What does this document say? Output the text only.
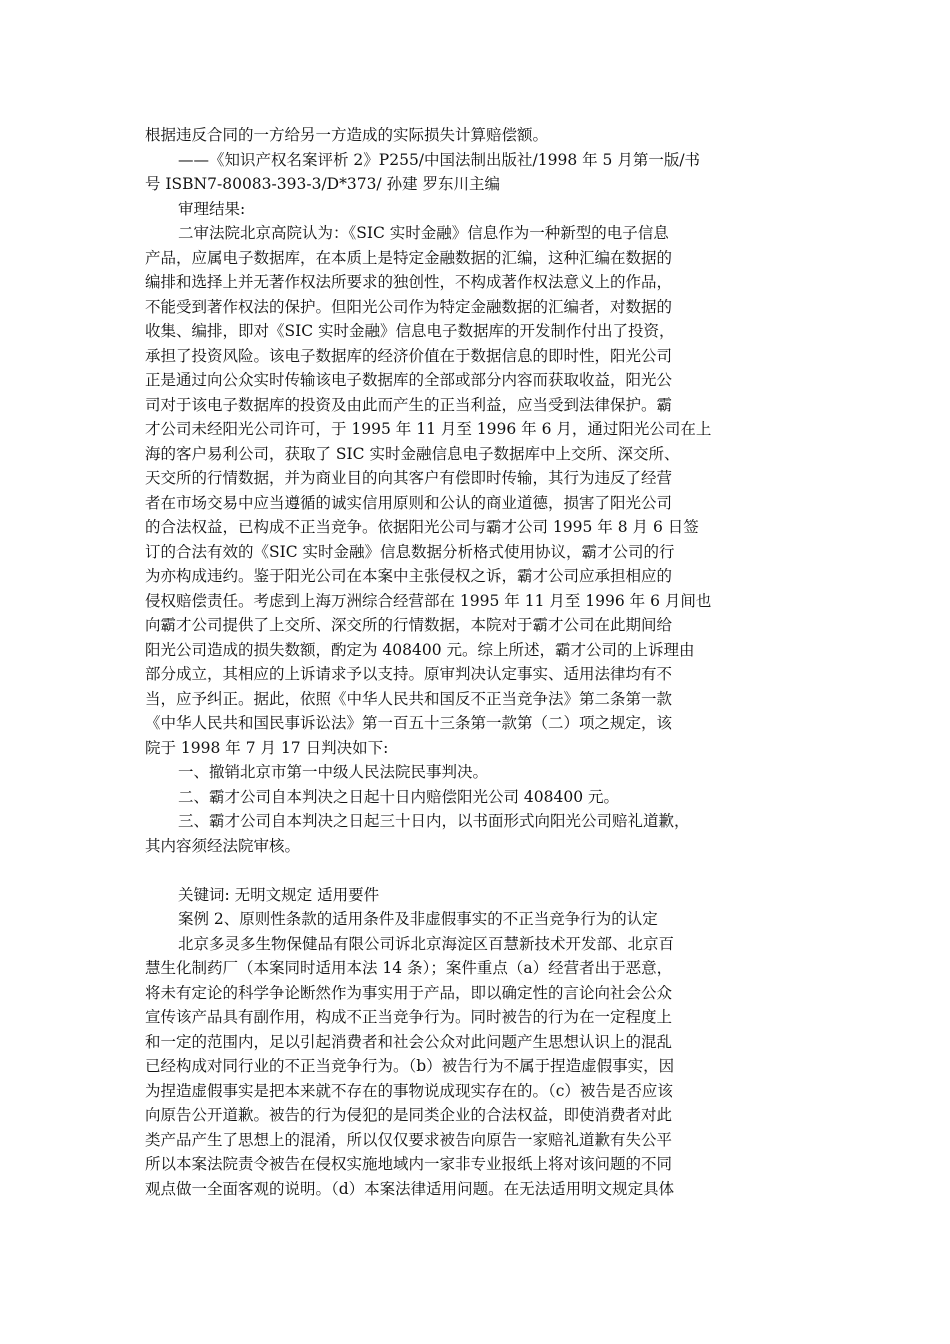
根据违反合同的一方给另一方造成的实际损失计算赔偿额。
——《知识产权名案评析 2》P255/中国法制出版社/1998 年 5 月第一版/书
号 ISBN7-80083-393-3/D*373/ 孙建 罗东川主编
审理结果:
二审法院北京高院认为：《SIC 实时金融》信息作为一种新型的电子信息
产品，应属电子数据库，在本质上是特定金融数据的汇编，这种汇编在数据的
编排和选择上并无著作权法所要求的独创性，不构成著作权法意义上的作品，
不能受到著作权法的保护。但阳光公司作为特定金融数据的汇编者，对数据的
收集、编排，即对《SIC 实时金融》信息电子数据库的开发制作付出了投资，
承担了投资风险。该电子数据库的经济价值在于数据信息的即时性，阳光公司
正是通过向公众实时传输该电子数据库的全部或部分内容而获取收益，阳光公
司对于该电子数据库的投资及由此而产生的正当利益，应当受到法律保护。霸
才公司未经阳光公司许可，于 1995 年 11 月至 1996 年 6 月，通过阳光公司在上
海的客户易利公司，获取了 SIC 实时金融信息电子数据库中上交所、深交所、
天交所的行情数据，并为商业目的向其客户有偿即时传输，其行为违反了经营
者在市场交易中应当遵循的诚实信用原则和公认的商业道德，损害了阳光公司
的合法权益，已构成不正当竞争。依据阳光公司与霸才公司 1995 年 8 月 6 日签
订的合法有效的《SIC 实时金融》信息数据分析格式使用协议，霸才公司的行
为亦构成违约。鉴于阳光公司在本案中主张侵权之诉，霸才公司应承担相应的
侵权赔偿责任。考虑到上海万洲综合经营部在 1995 年 11 月至 1996 年 6 月间也
向霸才公司提供了上交所、深交所的行情数据，本院对于霸才公司在此期间给
阳光公司造成的损失数额，酌定为 408400 元。综上所述，霸才公司的上诉理由
部分成立，其相应的上诉请求予以支持。原审判决认定事实、适用法律均有不
当，应予纠正。据此，依照《中华人民共和国反不正当竞争法》第二条第一款
《中华人民共和国民事诉讼法》第一百五十三条第一款第（二）项之规定，该
院于 1998 年 7 月 17 日判决如下:
一、撤销北京市第一中级人民法院民事判决。
二、霸才公司自本判决之日起十日内赔偿阳光公司 408400 元。
三、霸才公司自本判决之日起三十日内，以书面形式向阳光公司赔礼道歉，
其内容须经法院审核。
关键词: 无明文规定 适用要件
案例 2、原则性条款的适用条件及非虚假事实的不正当竞争行为的认定
北京多灵多生物保健品有限公司诉北京海淀区百慧新技术开发部、北京百
慧生化制药厂（本案同时适用本法 14 条）；案件重点（a）经营者出于恶意，
将未有定论的科学争论断然作为事实用于产品，即以确定性的言论向社会公众
宣传该产品具有副作用，构成不正当竞争行为。同时被告的行为在一定程度上
和一定的范围内，足以引起消费者和社会公众对此问题产生思想认识上的混乱
已经构成对同行业的不正当竞争行为。（b）被告行为不属于捏造虚假事实，因
为捏造虚假事实是把本来就不存在的事物说成现实存在的。（c）被告是否应该
向原告公开道歉。被告的行为侵犯的是同类企业的合法权益，即使消费者对此
类产品产生了思想上的混淆，所以仅仅要求被告向原告一家赔礼道歉有失公平
所以本案法院责令被告在侵权实施地域内一家非专业报纸上将对该问题的不同
观点做一全面客观的说明。（d）本案法律适用问题。在无法适用明文规定具体
